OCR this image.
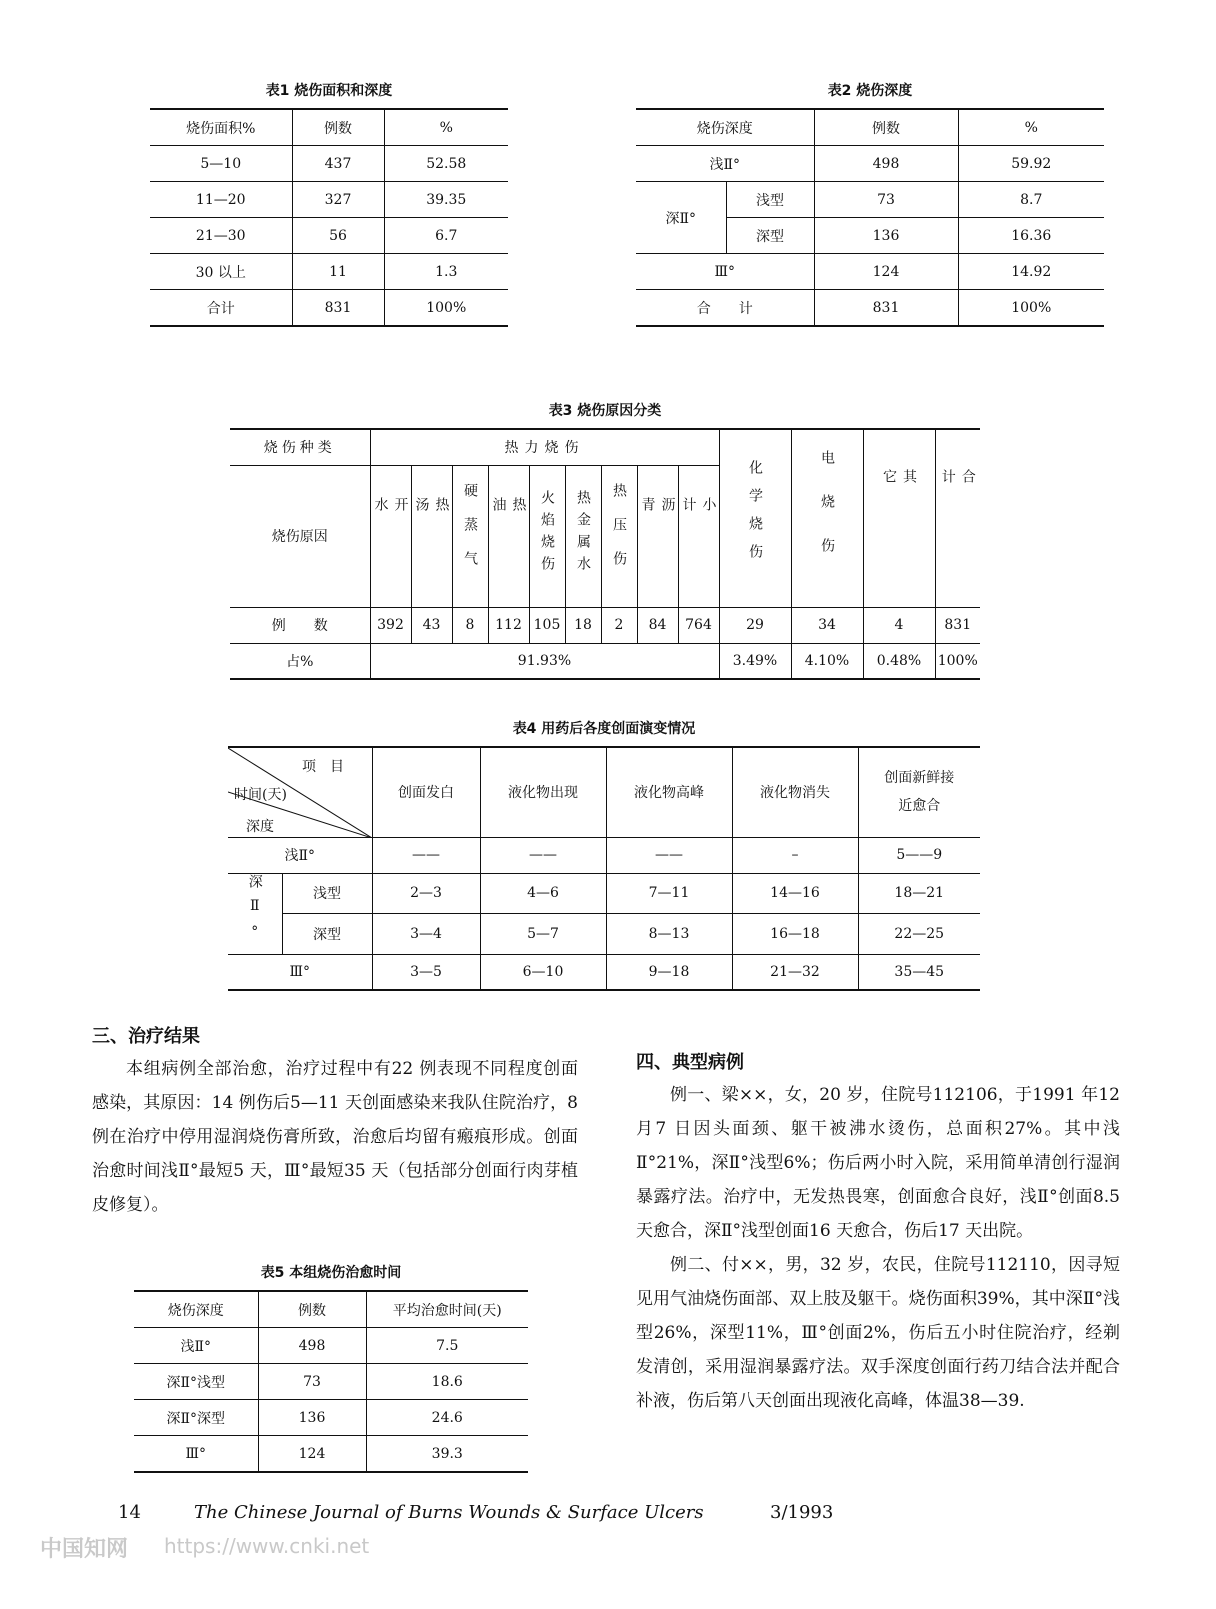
表1 烧伤面积和深度
烧伤面积%	例数	%
5—10	437	52.58
11—20	327	39.35
21—30	56	6.7
30 以上	11	1.3
合计	831	100%
表2 烧伤深度
烧伤深度		例数	%
浅Ⅱ°		498	59.92
深Ⅱ°	浅型	73	8.7
	深型	136	16.36
Ⅲ°		124	14.92
合　　计		831	100%
表3 烧伤原因分类
烧伤种类	热力烧伤									化学烧伤	电烧伤	其它	合计
烧伤原因	开水	热汤	硬蒸气	热油	火焰烧伤	热金属水	热压伤	沥青	小计				
例　　数	392	43	8	112	105	18	2	84	764	29	34	4	831
占%	91.93%									3.49%	4.10%	0.48%	100%
表4 用药后各度创面演变情况
项　目
时间(天)
深度		创面发白	液化物出现	液化物高峰	液化物消失	创面新鲜接近愈合
浅Ⅱ°		——	——	——	–	5——9
深Ⅱ°	浅型	2—3	4—6	7—11	14—16	18—21
	深型	3—4	5—7	8—13	16—18	22—25
Ⅲ°		3—5	6—10	9—18	21—32	35—45
三、治疗结果

本组病例全部治愈，治疗过程中有22 例表现不同程度创面感染，其原因：14 例伤后5—11 天创面感染来我队住院治疗，8 例在治疗中停用湿润烧伤膏所致，治愈后均留有瘢痕形成。创面治愈时间浅Ⅱ°最短5 天，Ⅲ°最短35 天（包括部分创面行肉芽植皮修复）。

表5 本组烧伤治愈时间
烧伤深度	例数	平均治愈时间(天)
浅Ⅱ°	498	7.5
深Ⅱ°浅型	73	18.6
深Ⅱ°深型	136	24.6
Ⅲ°	124	39.3
四、典型病例

例一、梁××，女，20 岁，住院号112106，于1991 年12 月7 日因头面颈、躯干被沸水烫伤，总面积27%。其中浅Ⅱ°21%，深Ⅱ°浅型6%；伤后两小时入院，采用简单清创行湿润暴露疗法。治疗中，无发热畏寒，创面愈合良好，浅Ⅱ°创面8.5 天愈合，深Ⅱ°浅型创面16 天愈合，伤后17 天出院。

例二、付××，男，32 岁，农民，住院号112110，因寻短见用气油烧伤面部、双上肢及躯干。烧伤面积39%，其中深Ⅱ°浅型26%，深型11%，Ⅲ°创面2%，伤后五小时住院治疗，经剃发清创，采用湿润暴露疗法。双手深度创面行药刀结合法并配合补液，伤后第八天创面出现液化高峰，体温38—39.

中国知网 https://www.cnki.net
14	The Chinese Journal of Burns Wounds & Surface Ulcers	3/1993
